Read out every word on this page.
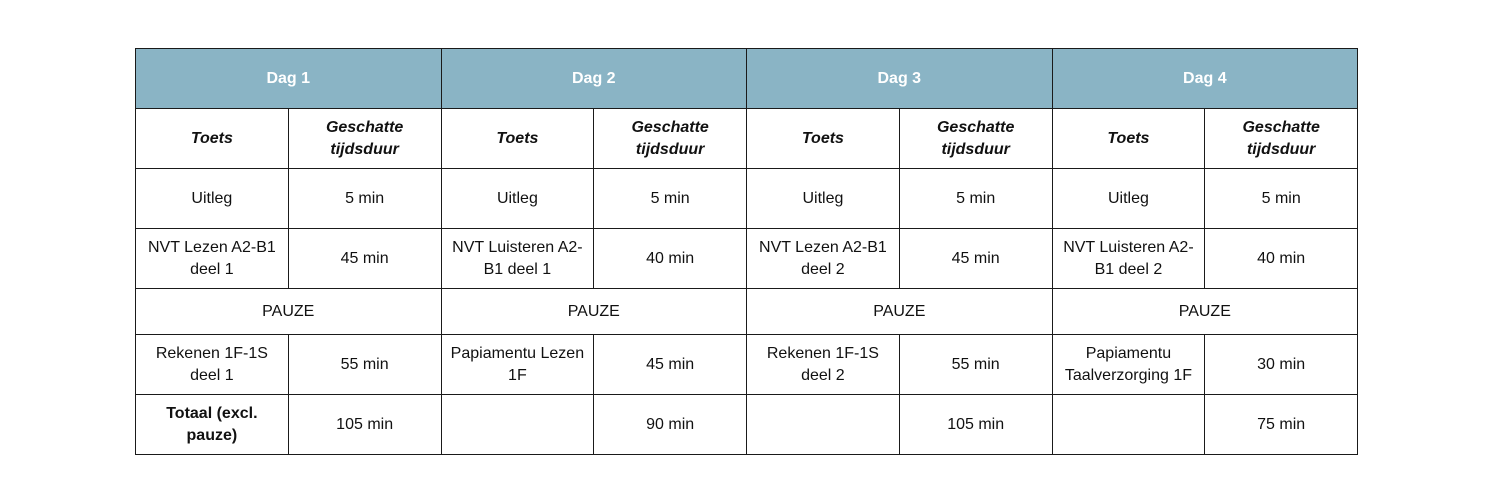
Dag 1		Dag 2		Dag 3		Dag 4	
Toets	Geschatte tijdsduur	Toets	Geschatte tijdsduur	Toets	Geschatte tijdsduur	Toets	Geschatte tijdsduur
Uitleg	5 min	Uitleg	5 min	Uitleg	5 min	Uitleg	5 min
NVT Lezen A2-B1 deel 1	45 min	NVT Luisteren A2-B1 deel 1	40 min	NVT Lezen A2-B1 deel 2	45 min	NVT Luisteren A2-B1 deel 2	40 min
PAUZE		PAUZE		PAUZE		PAUZE	
Rekenen 1F-1S deel 1	55 min	Papiamentu Lezen 1F	45 min	Rekenen 1F-1S deel 2	55 min	Papiamentu Taalverzorging 1F	30 min
Totaal (excl. pauze)	105 min		90 min		105 min		75 min
